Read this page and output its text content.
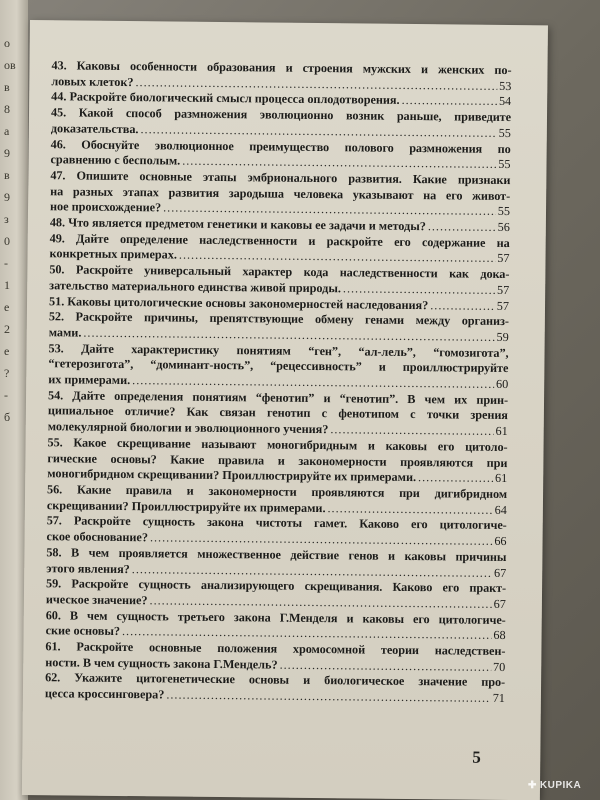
о
ов
в
8
а
9
в
9
з
0
-
1
е
2
е
?
-
б
43. Каковы особенности образования и строения мужских и женских по-
ловых клеток? .....	53
44. Раскройте биологический смысл процесса оплодотворения. .....	54
45. Какой способ размножения эволюционно возник раньше, приведите
доказательства. .....	55
46. Обоснуйте эволюционное преимущество полового размножения по
сравнению с бесполым. .....	55
47. Опишите основные этапы эмбрионального развития. Какие признаки
на разных этапах развития зародыша человека указывают на его живот-
ное происхождение? .....	55
48. Что является предметом генетики и каковы ее задачи и методы? .....	56
49. Дайте определение наследственности и раскройте его содержание на
конкретных примерах. .....	57
50. Раскройте универсальный характер кода наследственности как дока-
зательство материального единства живой природы. .....	57
51. Каковы цитологические основы закономерностей наследования? .....	57
52. Раскройте причины, препятствующие обмену генами между организ-
мами. .....	59
53. Дайте характеристику понятиям “ген”, “ал-лель”, “гомозигота”,
“гетерозигота”, “доминант-ность”, “рецессивность” и проиллюстрируйте
их примерами. .....	60
54. Дайте определения понятиям “фенотип” и “генотип”. В чем их прин-
ципиальное отличие? Как связан генотип с фенотипом с точки зрения
молекулярной биологии и эволюционного учения? .....	61
55. Какое скрещивание называют моногибридным и каковы его цитоло-
гические основы? Какие правила и закономерности проявляются при
моногибридном скрещивании? Проиллюстрируйте их примерами. .....	61
56. Какие правила и закономерности проявляются при дигибридном
скрещивании? Проиллюстрируйте их примерами. .....	64
57. Раскройте сущность закона чистоты гамет. Каково его цитологиче-
ское обоснование? .....	66
58. В чем проявляется множественное действие генов и каковы причины
этого явления? .....	67
59. Раскройте сущность анализирующего скрещивания. Каково его практ-
ическое значение? .....	67
60. В чем сущность третьего закона Г.Менделя и каковы его цитологиче-
ские основы? .....	68
61. Раскройте основные положения хромосомной теории наследствен-
ности. В чем сущность закона Г.Мендель? .....	70
62. Укажите цитогенетические основы и биологическое значение про-
цесса кроссинговера? .....	71
5
✚ KUPIKA
